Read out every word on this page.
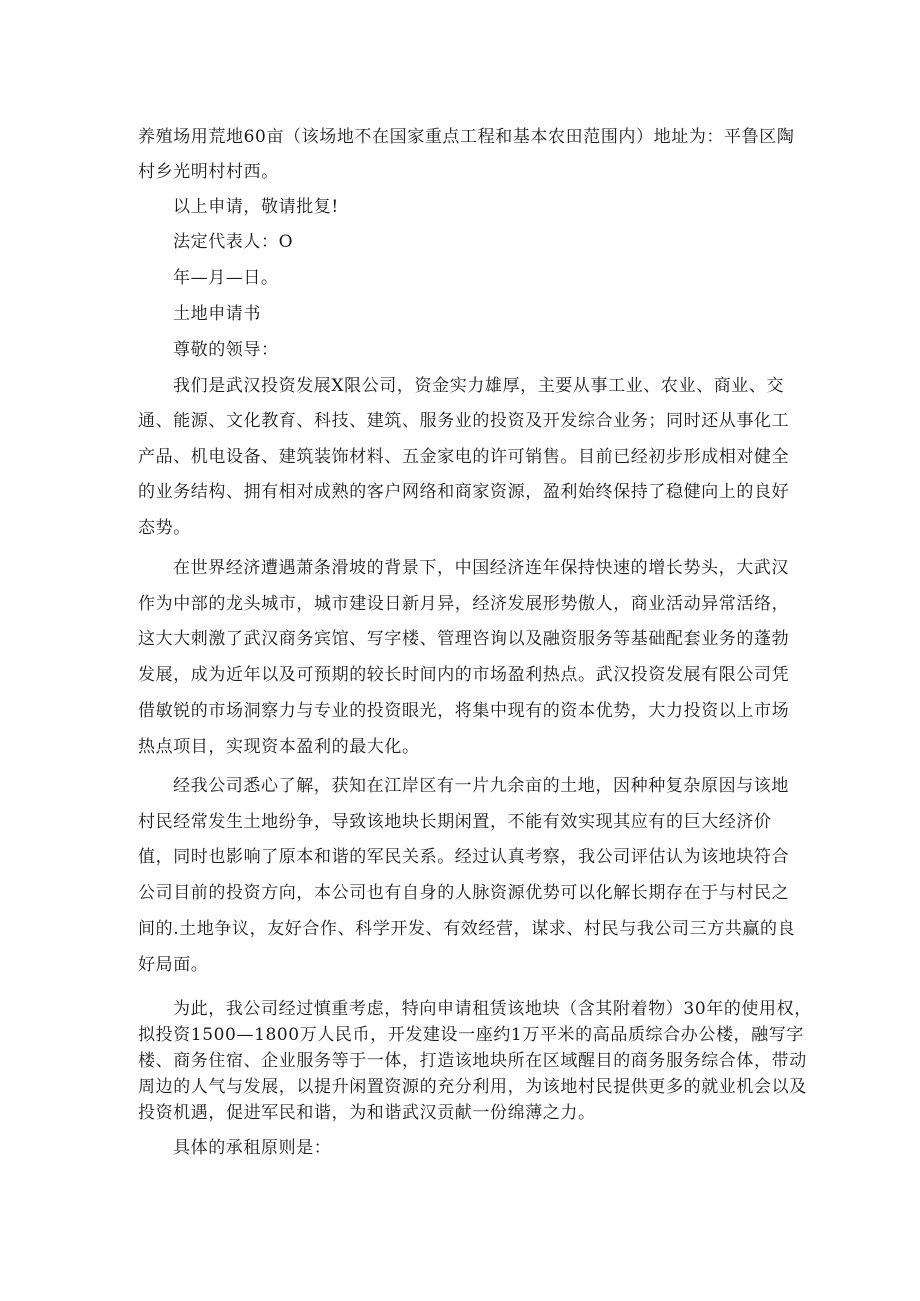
养殖场用荒地60亩（该场地不在国家重点工程和基本农田范围内）地址为：平鲁区陶
村乡光明村村西。
以上申请，敬请批复!
法定代表人：O
年—月—日。
土地申请书
尊敬的领导：
我们是武汉投资发展X限公司，资金实力雄厚，主要从事工业、农业、商业、交
通、能源、文化教育、科技、建筑、服务业的投资及开发综合业务；同时还从事化工
产品、机电设备、建筑装饰材料、五金家电的许可销售。目前已经初步形成相对健全
的业务结构、拥有相对成熟的客户网络和商家资源，盈利始终保持了稳健向上的良好
态势。
在世界经济遭遇萧条滑坡的背景下，中国经济连年保持快速的增长势头，大武汉
作为中部的龙头城市，城市建设日新月异，经济发展形势傲人，商业活动异常活络，
这大大刺激了武汉商务宾馆、写字楼、管理咨询以及融资服务等基础配套业务的蓬勃
发展，成为近年以及可预期的较长时间内的市场盈利热点。武汉投资发展有限公司凭
借敏锐的市场洞察力与专业的投资眼光，将集中现有的资本优势，大力投资以上市场
热点项目，实现资本盈利的最大化。
经我公司悉心了解，获知在江岸区有一片九余亩的土地，因种种复杂原因与该地
村民经常发生土地纷争，导致该地块长期闲置，不能有效实现其应有的巨大经济价
值，同时也影响了原本和谐的军民关系。经过认真考察，我公司评估认为该地块符合
公司目前的投资方向，本公司也有自身的人脉资源优势可以化解长期存在于与村民之
间的.土地争议，友好合作、科学开发、有效经营，谋求、村民与我公司三方共赢的良
好局面。
为此，我公司经过慎重考虑，特向申请租赁该地块（含其附着物）30年的使用权，
拟投资1500—1800万人民币，开发建设一座约1万平米的高品质综合办公楼，融写字
楼、商务住宿、企业服务等于一体，打造该地块所在区域醒目的商务服务综合体，带动
周边的人气与发展，以提升闲置资源的充分利用，为该地村民提供更多的就业机会以及
投资机遇，促进军民和谐，为和谐武汉贡献一份绵薄之力。
具体的承租原则是：
